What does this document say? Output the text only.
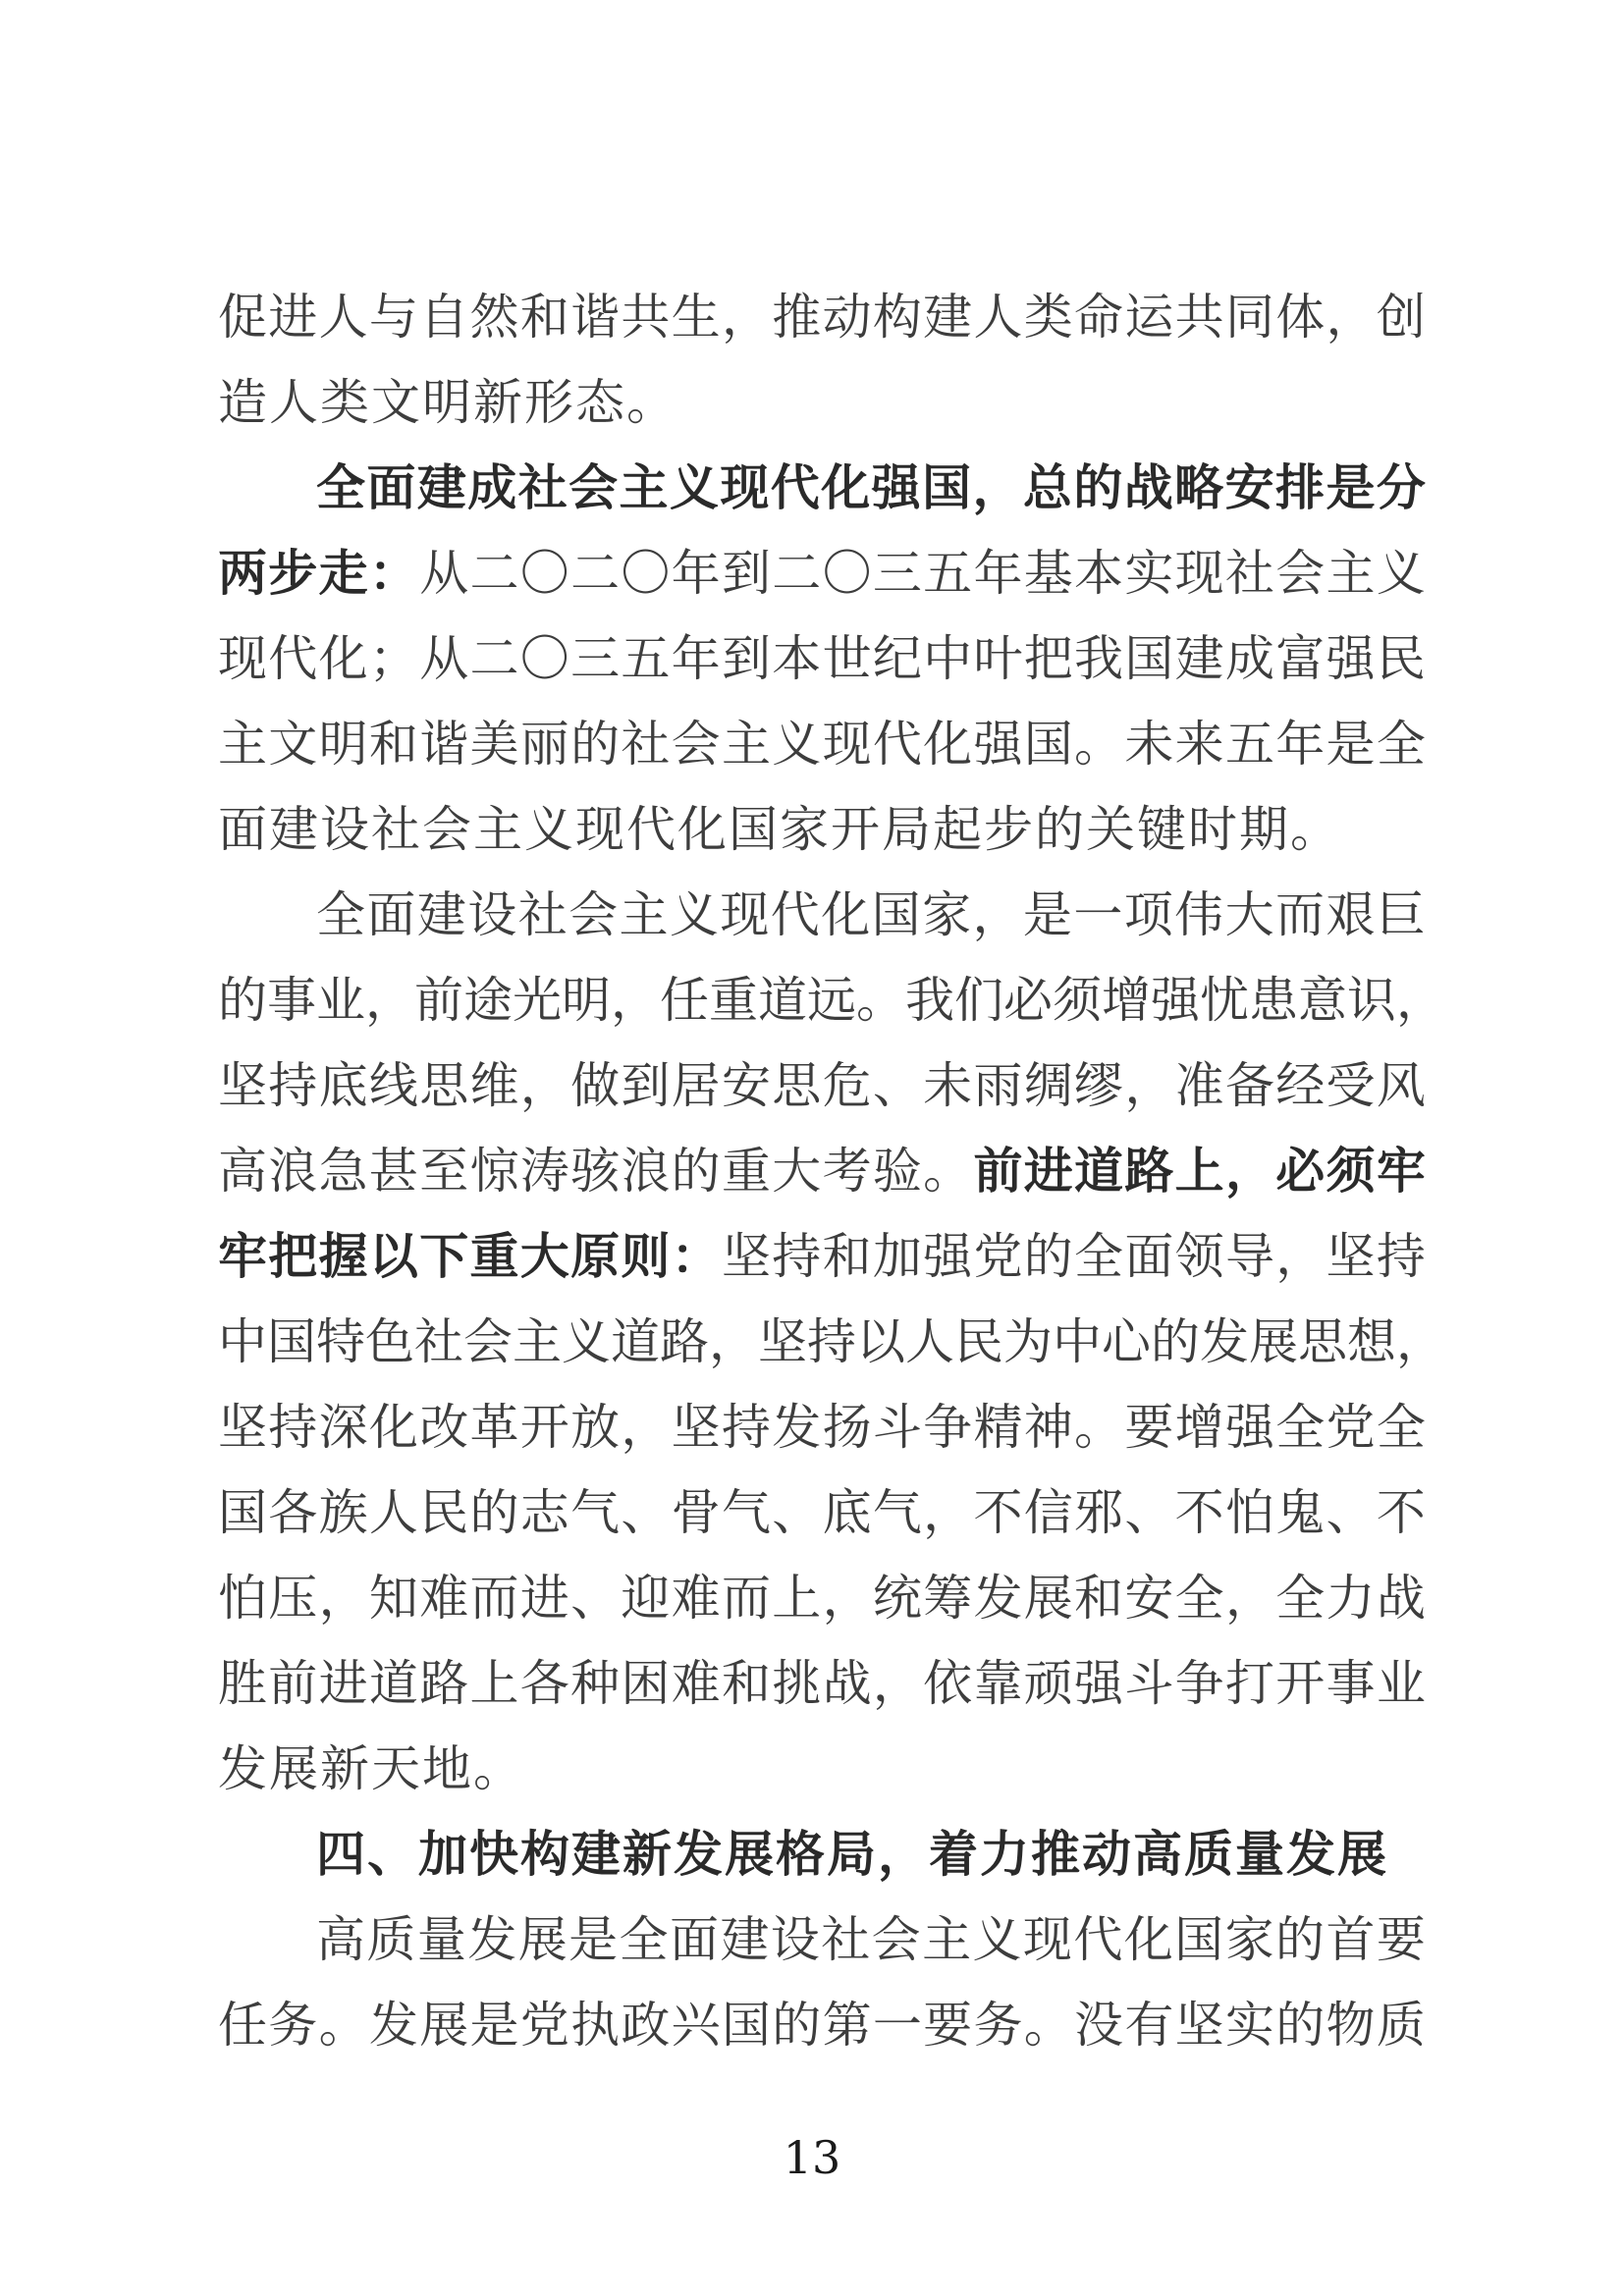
促 进 人 与 自 然 和 谐 共 生 ， 推 动 构 建 人 类 命 运 共 同 体 ， 创
造人类文明新形态。
全 面 建 成 社 会 主 义 现 代 化 强 国 ， 总 的 战 略 安 排 是 分
两 步 走 ： 从 二 〇 二 〇 年 到 二 〇 三 五 年 基 本 实 现 社 会 主 义
现 代 化 ； 从 二 〇 三 五 年 到 本 世 纪 中 叶 把 我 国 建 成 富 强 民
主 文 明 和 谐 美 丽 的 社 会 主 义 现 代 化 强 国 。 未 来 五 年 是 全
面建设社会主义现代化国家开局起步的关键时期。
全 面 建 设 社 会 主 义 现 代 化 国 家 ， 是 一 项 伟 大 而 艰 巨
的 事 业 ， 前 途 光 明 ， 任 重 道 远 。 我 们 必 须 增 强 忧 患 意 识 ，
坚 持 底 线 思 维 ， 做 到 居 安 思 危 、 未 雨 绸 缪 ， 准 备 经 受 风
高 浪 急 甚 至 惊 涛 骇 浪 的 重 大 考 验 。 前 进 道 路 上 ， 必 须 牢
牢 把 握 以 下 重 大 原 则 ： 坚 持 和 加 强 党 的 全 面 领 导 ， 坚 持
中 国 特 色 社 会 主 义 道 路 ， 坚 持 以 人 民 为 中 心 的 发 展 思 想 ，
坚 持 深 化 改 革 开 放 ， 坚 持 发 扬 斗 争 精 神 。 要 增 强 全 党 全
国 各 族 人 民 的 志 气 、 骨 气 、 底 气 ， 不 信 邪 、 不 怕 鬼 、 不
怕 压 ， 知 难 而 进 、 迎 难 而 上 ， 统 筹 发 展 和 安 全 ， 全 力 战
胜 前 进 道 路 上 各 种 困 难 和 挑 战 ， 依 靠 顽 强 斗 争 打 开 事 业
发展新天地。
四、加快构建新发展格局，着力推动高质量发展
高 质 量 发 展 是 全 面 建 设 社 会 主 义 现 代 化 国 家 的 首 要
任 务 。 发 展 是 党 执 政 兴 国 的 第 一 要 务 。 没 有 坚 实 的 物 质
13
